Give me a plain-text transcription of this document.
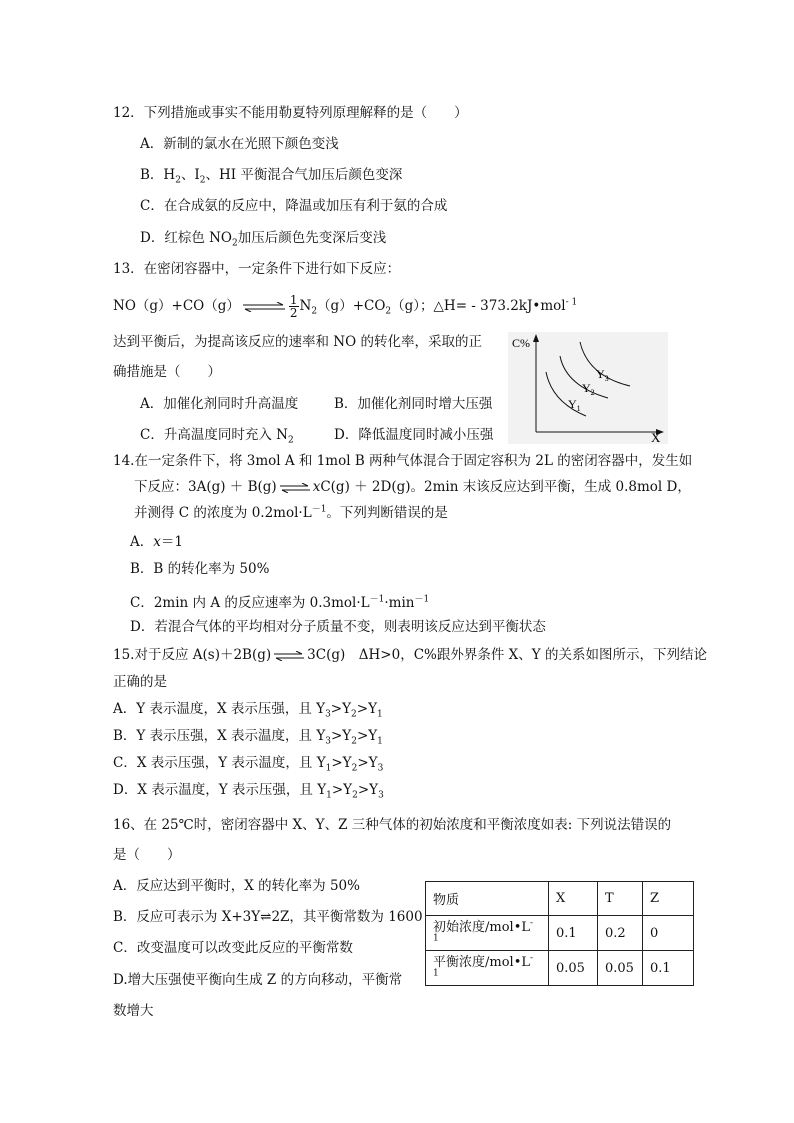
12．下列措施或事实不能用勒夏特列原理解释的是（　　）
A．新制的氯水在光照下颜色变浅
B．$H_2$、$I_2$、HI 平衡混合气加压后颜色变深
C．在合成氨的反应中，降温或加压有利于氨的合成
D．红棕色 $NO_2$加压后颜色先变深后变浅
13．在密闭容器中，一定条件下进行如下反应：
NO（g）+CO（g） ⇌ $\frac{1}{2} N_2(g)+CO_2(g)$；△H= - 373.2kJ•mol$^{- 1}$
达到平衡后，为提高该反应的速率和 NO 的转化率，采取的正
确措施是（　　）
A．加催化剂同时升高温度	B．加催化剂同时增大压强
C．升高温度同时充入 $N_2$	D．降低温度同时减小压强
C%
X
$Y_1$
$Y_2$
$Y_3$
14.在一定条件下，将 3mol A 和 1mol B 两种气体混合于固定容积为 2L 的密闭容器中，发生如
下反应：3A(g) ＋ B(g) ⇌ xC(g) ＋ 2D(g)。2min 末该反应达到平衡，生成 0.8mol D，
并测得 C 的浓度为 $0.2mol\cdot L^{-1}$。下列判断错误的是
A．x＝1
B．B 的转化率为 50%
C．2min 内 A 的反应速率为 $0.3mol\cdot L^{-1}\cdot\min^{-1}$
D．若混合气体的平均相对分子质量不变，则表明该反应达到平衡状态
15.对于反应 A(s)＋2B(g) ⇌ 3C(g)　ΔH>0，C%跟外界条件 X、Y 的关系如图所示，下列结论
正确的是
A．Y 表示温度，X 表示压强，且 $Y_3>Y_2>Y_1$
B．Y 表示压强，X 表示温度，且 $Y_3>Y_2>Y_1$
C．X 表示压强，Y 表示温度，且 $Y_1>Y_2>Y_3$
D．X 表示温度，Y 表示压强，且 $Y_1>Y_2>Y_3$
16、在 25℃时，密闭容器中 X、Y、Z 三种气体的初始浓度和平衡浓度如表: 下列说法错误的
是（　　）
A．反应达到平衡时，X 的转化率为 50%
B．反应可表示为 X+3Y⇌2Z，其平衡常数为 1600
C．改变温度可以改变此反应的平衡常数
D.增大压强使平衡向生成 Z 的方向移动，平衡常
数增大
物质	X	T	Z
初始浓度$/mol•L^{- 1}$	0.1	0.2	0
平衡浓度$/mol•L^{- 1}$	0.05	0.05	0.1
